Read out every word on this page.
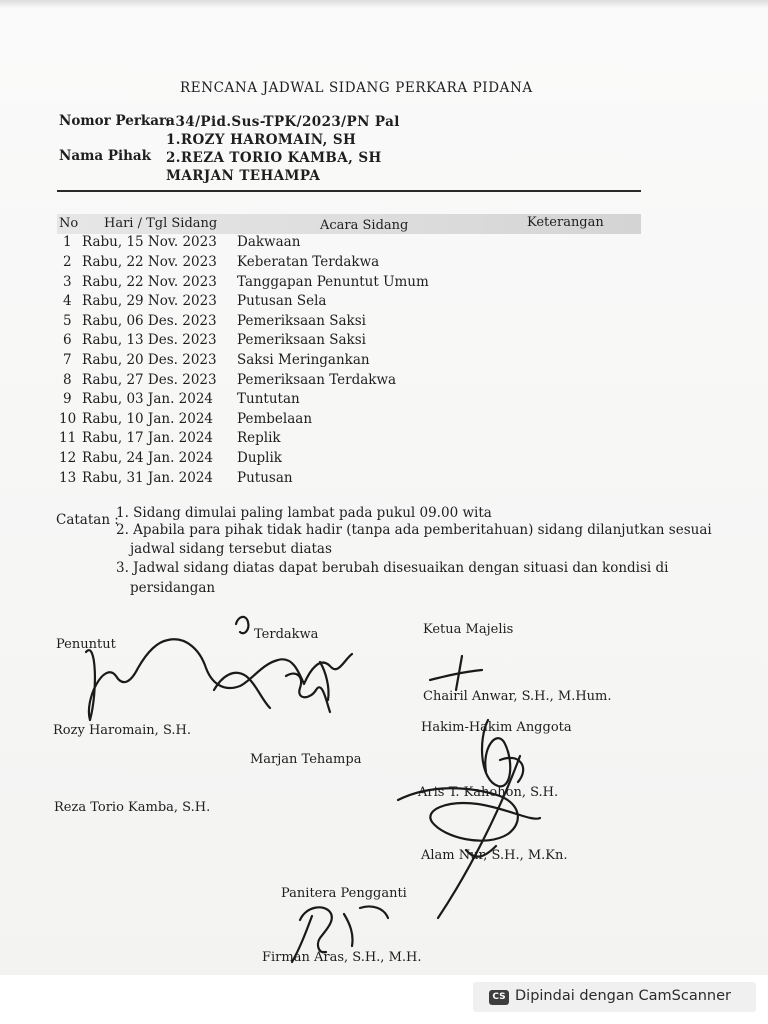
RENCANA JADWAL SIDANG PERKARA PIDANA
Nomor Perkara
: 34/Pid.Sus-TPK/2023/PN Pal
Nama Pihak
1.ROZY HAROMAIN, SH
2.REZA TORIO KAMBA, SH
MARJAN TEHAMPA
No Hari / Tgl Sidang	Acara Sidang	Keterangan
1 Rabu, 15 Nov. 2023 Dakwaan
2 Rabu, 22 Nov. 2023 Keberatan Terdakwa
3 Rabu, 22 Nov. 2023 Tanggapan Penuntut Umum
4 Rabu, 29 Nov. 2023 Putusan Sela
5 Rabu, 06 Des. 2023 Pemeriksaan Saksi
6 Rabu, 13 Des. 2023 Pemeriksaan Saksi
7 Rabu, 20 Des. 2023 Saksi Meringankan
8 Rabu, 27 Des. 2023 Pemeriksaan Terdakwa
9 Rabu, 03 Jan. 2024 Tuntutan
10 Rabu, 10 Jan. 2024 Pembelaan
11 Rabu, 17 Jan. 2024 Replik
12 Rabu, 24 Jan. 2024 Duplik
13 Rabu, 31 Jan. 2024 Putusan
Catatan :
1. Sidang dimulai paling lambat pada pukul 09.00 wita
2. Apabila para pihak tidak hadir (tanpa ada pemberitahuan) sidang dilanjutkan sesuai
jadwal sidang tersebut diatas
3. Jadwal sidang diatas dapat berubah disesuaikan dengan situasi dan kondisi di
persidangan
Penuntut
Terdakwa	Ketua Majelis
Chairil Anwar, S.H., M.Hum.
Rozy Haromain, S.H.	Hakim-Hakim Anggota
Marjan Tehampa
Aris T. Kahohon, S.H.
Reza Torio Kamba, S.H.
Alam Nur, S.H., M.Kn.
Panitera Pengganti
Firman Aras, S.H., M.H.
CS Dipindai dengan CamScanner
